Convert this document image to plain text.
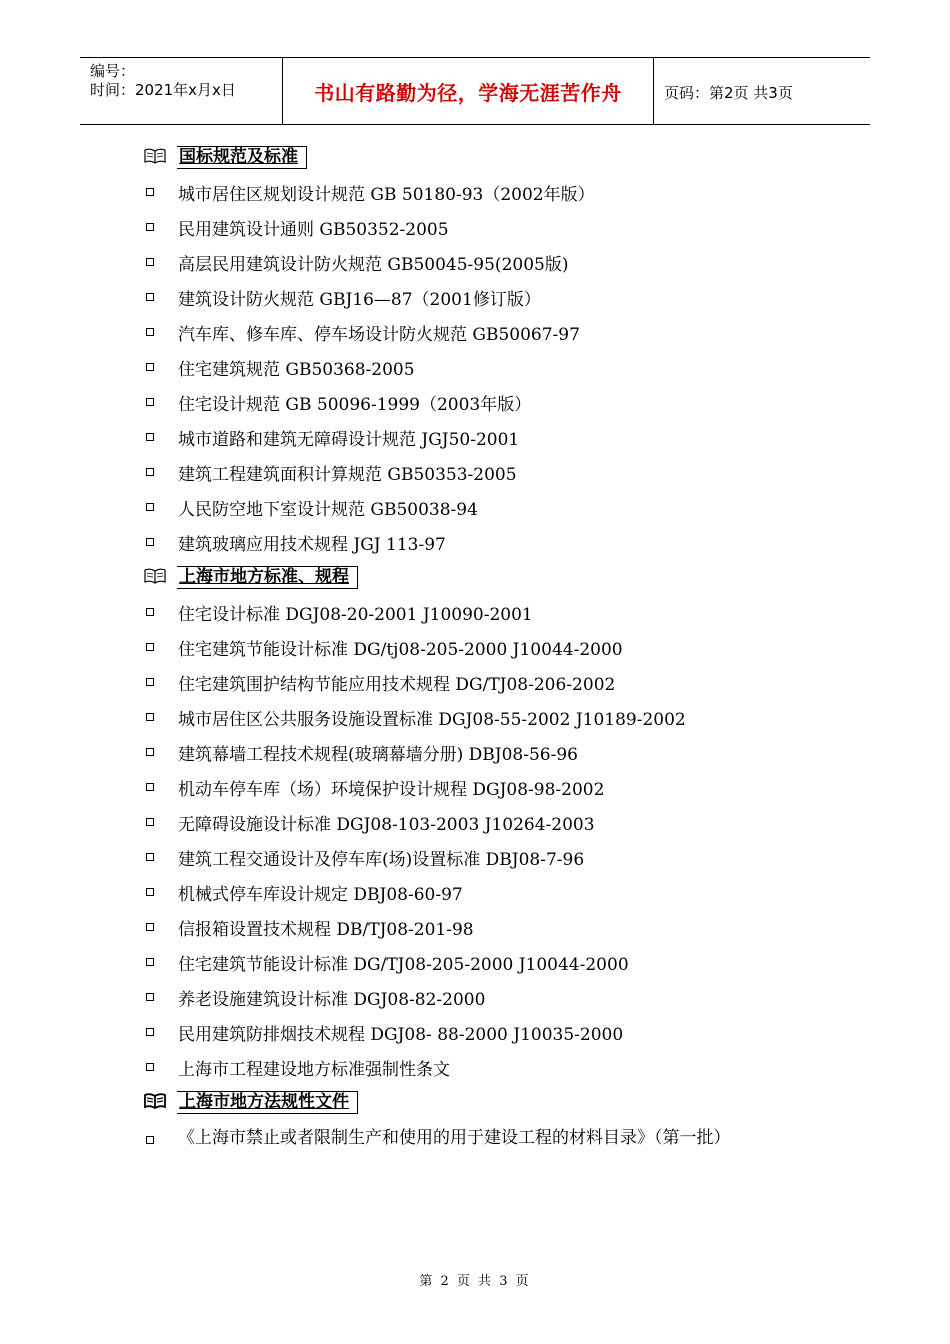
编号：
时间：2021年x月x日	书山有路勤为径，学海无涯苦作舟	页码：第2页 共3页
国标规范及标准
城市居住区规划设计规范 GB 50180-93（2002年版）
民用建筑设计通则 GB50352-2005
高层民用建筑设计防火规范 GB50045-95(2005版)
建筑设计防火规范 GBJ16—87（2001修订版）
汽车库、修车库、停车场设计防火规范 GB50067-97
住宅建筑规范 GB50368-2005
住宅设计规范 GB 50096-1999（2003年版）
城市道路和建筑无障碍设计规范 JGJ50-2001
建筑工程建筑面积计算规范 GB50353-2005
人民防空地下室设计规范 GB50038-94
建筑玻璃应用技术规程 JGJ 113-97
上海市地方标准、规程
住宅设计标准 DGJ08-20-2001 J10090-2001
住宅建筑节能设计标准 DG/tj08-205-2000 J10044-2000
住宅建筑围护结构节能应用技术规程 DG/TJ08-206-2002
城市居住区公共服务设施设置标准 DGJ08-55-2002 J10189-2002
建筑幕墙工程技术规程(玻璃幕墙分册) DBJ08-56-96
机动车停车库（场）环境保护设计规程 DGJ08-98-2002
无障碍设施设计标准 DGJ08-103-2003 J10264-2003
建筑工程交通设计及停车库(场)设置标准 DBJ08-7-96
机械式停车库设计规定 DBJ08-60-97
信报箱设置技术规程 DB/TJ08-201-98
住宅建筑节能设计标准 DG/TJ08-205-2000 J10044-2000
养老设施建筑设计标准 DGJ08-82-2000
民用建筑防排烟技术规程 DGJ08- 88-2000 J10035-2000
上海市工程建设地方标准强制性条文
上海市地方法规性文件
《上海市禁止或者限制生产和使用的用于建设工程的材料目录》（第一批）
第 2 页 共 3 页
